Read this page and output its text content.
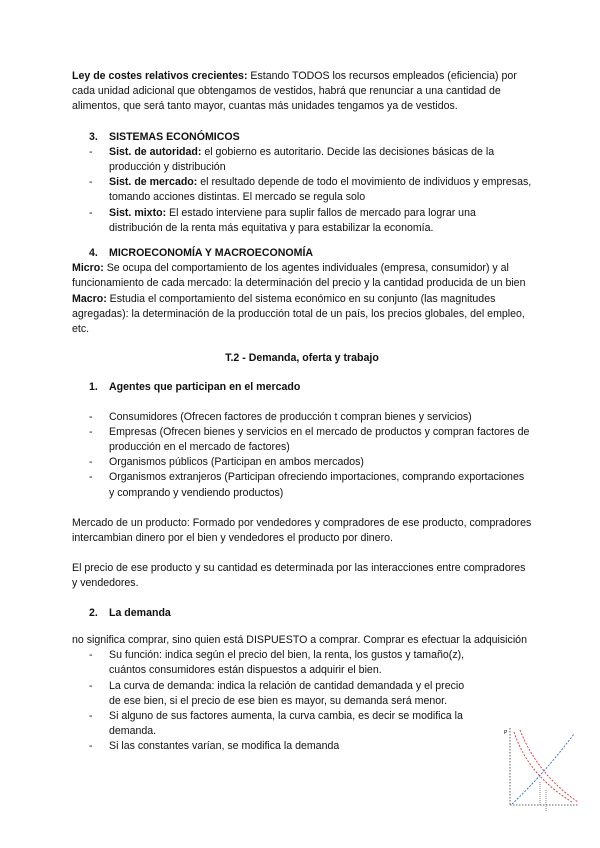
Ley de costes relativos crecientes: Estando TODOS los recursos empleados (eficiencia) por cada unidad adicional que obtengamos de vestidos, habrá que renunciar a una cantidad de alimentos, que será tanto mayor, cuantas más unidades tengamos ya de vestidos.

3.	SISTEMAS ECONÓMICOS
-	Sist. de autoridad: el gobierno es autoritario. Decide las decisiones básicas de la producción y distribución
-	Sist. de mercado: el resultado depende de todo el movimiento de individuos y empresas, tomando acciones distintas. El mercado se regula solo
-	Sist. mixto: El estado interviene para suplir fallos de mercado para lograr una distribución de la renta más equitativa y para estabilizar la economía.
4.	MICROECONOMÍA Y MACROECONOMÍA

Micro: Se ocupa del comportamiento de los agentes individuales (empresa, consumidor) y al funcionamiento de cada mercado: la determinación del precio y la cantidad producida de un bien

Macro: Estudia el comportamiento del sistema económico en su conjunto (las magnitudes agregadas): la determinación de la producción total de un país, los precios globales, del empleo, etc.

T.2 - Demanda, oferta y trabajo
1.	Agentes que participan en el mercado
-	Consumidores (Ofrecen factores de producción t compran bienes y servicios)
-	Empresas (Ofrecen bienes y servicios en el mercado de productos y compran factores de producción en el mercado de factores)
-	Organismos públicos (Participan en ambos mercados)
-	Organismos extranjeros (Participan ofreciendo importaciones, comprando exportaciones y comprando y vendiendo productos)

Mercado de un producto: Formado por vendedores y compradores de ese producto, compradores intercambian dinero por el bien y vendedores el producto por dinero.

El precio de ese producto y su cantidad es determinada por las interacciones entre compradores y vendedores.

2.	La demanda

no significa comprar, sino quien está DISPUESTO a comprar. Comprar es efectuar la adquisición

-	Su función: indica según el precio del bien, la renta, los gustos y tamaño(z), cuántos consumidores están dispuestos a adquirir el bien.
-	La curva de demanda: indica la relación de cantidad demandada y el precio de ese bien, si el precio de ese bien es mayor, su demanda será menor.
-	Si alguno de sus factores aumenta, la curva cambia, es decir se modifica la demanda.
-	Si las constantes varían, se modifica la demanda
P
